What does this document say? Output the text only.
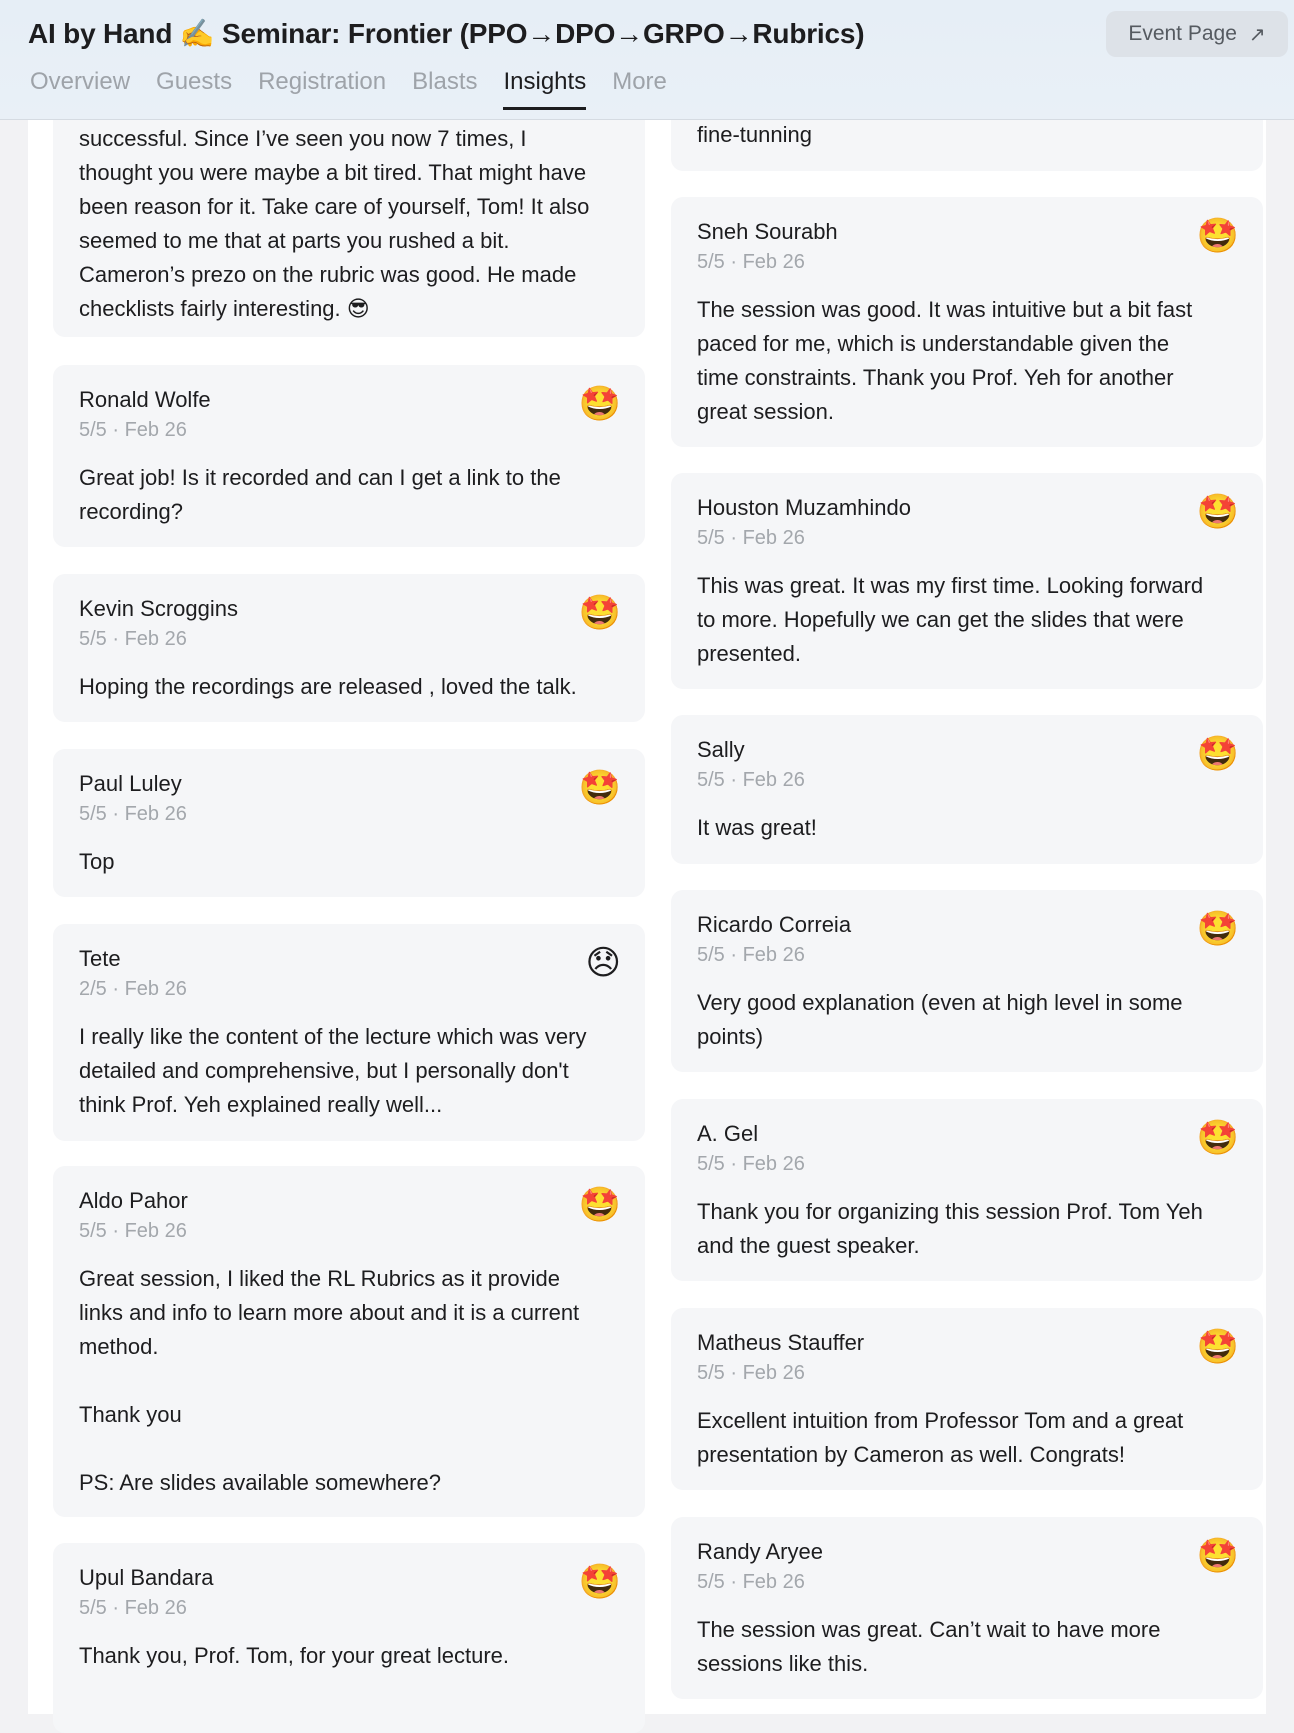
successful. Since I’ve seen you now 7 times, I
thought you were maybe a bit tired. That might have
been reason for it. Take care of yourself, Tom! It also
seemed to me that at parts you rushed a bit.
Cameron’s prezo on the rubric was good. He made
checklists fairly interesting. 😎
Ronald Wolfe
5/5 · Feb 26
🤩
Great job! Is it recorded and can I get a link to the
recording?
Kevin Scroggins
5/5 · Feb 26
🤩
Hoping the recordings are released , loved the talk.
Paul Luley
5/5 · Feb 26
🤩
Top
Tete
2/5 · Feb 26
😞
I really like the content of the lecture which was very
detailed and comprehensive, but I personally don't
think Prof. Yeh explained really well...
Aldo Pahor
5/5 · Feb 26
🤩
Great session, I liked the RL Rubrics as it provide
links and info to learn more about and it is a current
method.

Thank you

PS: Are slides available somewhere?
Upul Bandara
5/5 · Feb 26
🤩
Thank you, Prof. Tom, for your great lecture.
fine-tunning
Sneh Sourabh
5/5 · Feb 26
🤩
The session was good. It was intuitive but a bit fast
paced for me, which is understandable given the
time constraints. Thank you Prof. Yeh for another
great session.
Houston Muzamhindo
5/5 · Feb 26
🤩
This was great. It was my first time. Looking forward
to more. Hopefully we can get the slides that were
presented.
Sally
5/5 · Feb 26
🤩
It was great!
Ricardo Correia
5/5 · Feb 26
🤩
Very good explanation (even at high level in some
points)
A. Gel
5/5 · Feb 26
🤩
Thank you for organizing this session Prof. Tom Yeh
and the guest speaker.
Matheus Stauffer
5/5 · Feb 26
🤩
Excellent intuition from Professor Tom and a great
presentation by Cameron as well. Congrats!
Randy Aryee
5/5 · Feb 26
🤩
The session was great. Can’t wait to have more
sessions like this.
AI by Hand ✍️ Seminar: Frontier (PPO→DPO→GRPO→Rubrics)	Event Page ↗
Overview Guests Registration Blasts Insights More
